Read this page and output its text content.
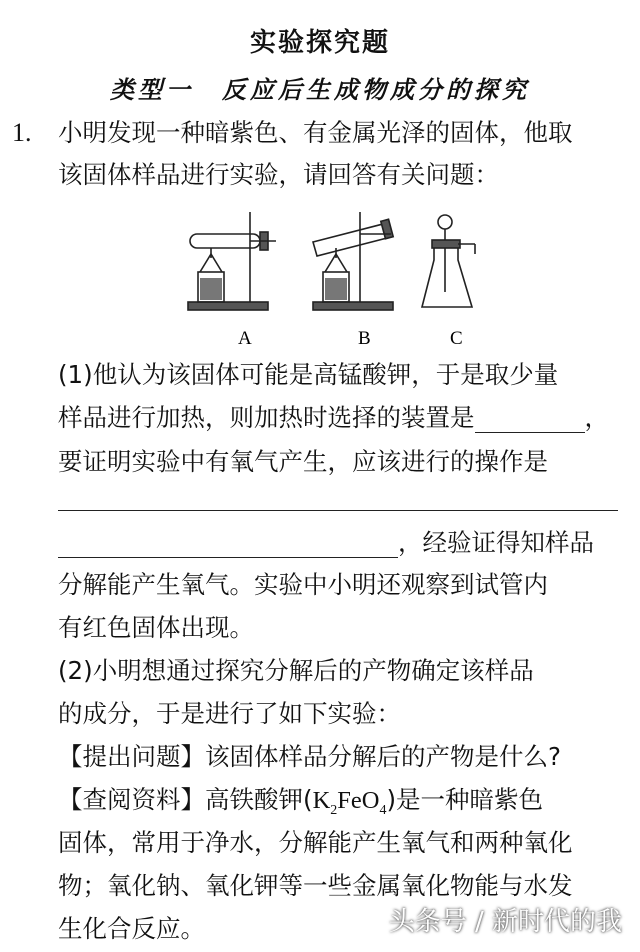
实验探究题
类型一　反应后生成物成分的探究
1. 小明发现一种暗紫色、有金属光泽的固体，他取
该固体样品进行实验，请回答有关问题：
A	B	C
(1)他认为该固体可能是高锰酸钾，于是取少量
样品进行加热，则加热时选择的装置是	，
要证明实验中有氧气产生，应该进行的操作是
，经验证得知样品
分解能产生氧气。实验中小明还观察到试管内
有红色固体出现。
(2)小明想通过探究分解后的产物确定该样品
的成分，于是进行了如下实验：
【提出问题】该固体样品分解后的产物是什么?
【查阅资料】高铁酸钾$(K_2FeO_4)$是一种暗紫色
固体，常用于净水，分解能产生氧气和两种氧化
物；氧化钠、氧化钾等一些金属氧化物能与水发
生化合反应。	头条号 / 新时代的我
